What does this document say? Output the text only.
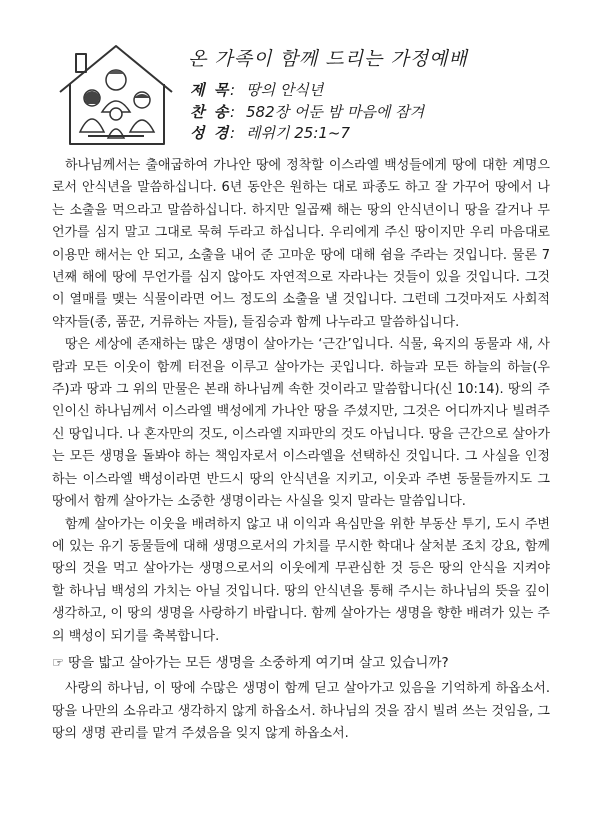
온 가족이 함께 드리는 가정예배
제 목: 땅의 안식년
찬 송: 582장 어둔 밤 마음에 잠겨
성 경: 레위기 25:1~7

하나님께서는 출애굽하여 가나안 땅에 정착할 이스라엘 백성들에게 땅에 대한 계명으로서 안식년을 말씀하십니다. 6년 동안은 원하는 대로 파종도 하고 잘 가꾸어 땅에서 나는 소출을 먹으라고 말씀하십니다. 하지만 일곱째 해는 땅의 안식년이니 땅을 갈거나 무언가를 심지 말고 그대로 묵혀 두라고 하십니다. 우리에게 주신 땅이지만 우리 마음대로 이용만 해서는 안 되고, 소출을 내어 준 고마운 땅에 대해 쉼을 주라는 것입니다. 물론 7년째 해에 땅에 무언가를 심지 않아도 자연적으로 자라나는 것들이 있을 것입니다. 그것이 열매를 맺는 식물이라면 어느 정도의 소출을 낼 것입니다. 그런데 그것마저도 사회적 약자들(종, 품꾼, 거류하는 자들), 들짐승과 함께 나누라고 말씀하십니다.

땅은 세상에 존재하는 많은 생명이 살아가는 ‘근간’입니다. 식물, 육지의 동물과 새, 사람과 모든 이웃이 함께 터전을 이루고 살아가는 곳입니다. 하늘과 모든 하늘의 하늘(우주)과 땅과 그 위의 만물은 본래 하나님께 속한 것이라고 말씀합니다(신 10:14). 땅의 주인이신 하나님께서 이스라엘 백성에게 가나안 땅을 주셨지만, 그것은 어디까지나 빌려주신 땅입니다. 나 혼자만의 것도, 이스라엘 지파만의 것도 아닙니다. 땅을 근간으로 살아가는 모든 생명을 돌봐야 하는 책임자로서 이스라엘을 선택하신 것입니다. 그 사실을 인정하는 이스라엘 백성이라면 반드시 땅의 안식년을 지키고, 이웃과 주변 동물들까지도 그 땅에서 함께 살아가는 소중한 생명이라는 사실을 잊지 말라는 말씀입니다.

함께 살아가는 이웃을 배려하지 않고 내 이익과 욕심만을 위한 부동산 투기, 도시 주변에 있는 유기 동물들에 대해 생명으로서의 가치를 무시한 학대나 살처분 조치 강요, 함께 땅의 것을 먹고 살아가는 생명으로서의 이웃에게 무관심한 것 등은 땅의 안식을 지켜야 할 하나님 백성의 가치는 아닐 것입니다. 땅의 안식년을 통해 주시는 하나님의 뜻을 깊이 생각하고, 이 땅의 생명을 사랑하기 바랍니다. 함께 살아가는 생명을 향한 배려가 있는 주의 백성이 되기를 축복합니다.

☞ 땅을 밟고 살아가는 모든 생명을 소중하게 여기며 살고 있습니까?

사랑의 하나님, 이 땅에 수많은 생명이 함께 딛고 살아가고 있음을 기억하게 하옵소서. 땅을 나만의 소유라고 생각하지 않게 하옵소서. 하나님의 것을 잠시 빌려 쓰는 것임을, 그 땅의 생명 관리를 맡겨 주셨음을 잊지 않게 하옵소서.
